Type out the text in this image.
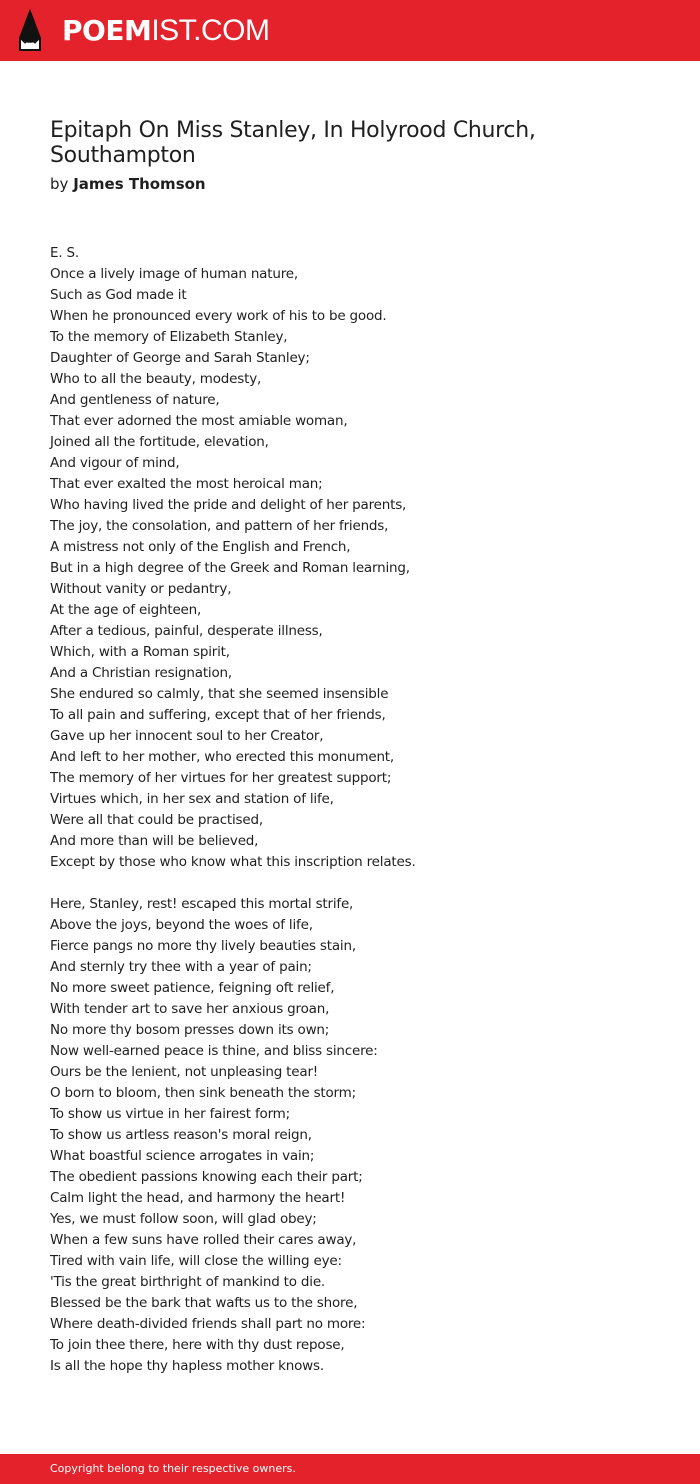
POEMIST.COM
Epitaph On Miss Stanley, In Holyrood Church, Southampton
by James Thomson
E. S.
Once a lively image of human nature,
Such as God made it
When he pronounced every work of his to be good.
To the memory of Elizabeth Stanley,
Daughter of George and Sarah Stanley;
Who to all the beauty, modesty,
And gentleness of nature,
That ever adorned the most amiable woman,
Joined all the fortitude, elevation,
And vigour of mind,
That ever exalted the most heroical man;
Who having lived the pride and delight of her parents,
The joy, the consolation, and pattern of her friends,
A mistress not only of the English and French,
But in a high degree of the Greek and Roman learning,
Without vanity or pedantry,
At the age of eighteen,
After a tedious, painful, desperate illness,
Which, with a Roman spirit,
And a Christian resignation,
She endured so calmly, that she seemed insensible
To all pain and suffering, except that of her friends,
Gave up her innocent soul to her Creator,
And left to her mother, who erected this monument,
The memory of her virtues for her greatest support;
Virtues which, in her sex and station of life,
Were all that could be practised,
And more than will be believed,
Except by those who know what this inscription relates.
Here, Stanley, rest! escaped this mortal strife,
Above the joys, beyond the woes of life,
Fierce pangs no more thy lively beauties stain,
And sternly try thee with a year of pain;
No more sweet patience, feigning oft relief,
With tender art to save her anxious groan,
No more thy bosom presses down its own;
Now well-earned peace is thine, and bliss sincere:
Ours be the lenient, not unpleasing tear!
O born to bloom, then sink beneath the storm;
To show us virtue in her fairest form;
To show us artless reason's moral reign,
What boastful science arrogates in vain;
The obedient passions knowing each their part;
Calm light the head, and harmony the heart!
Yes, we must follow soon, will glad obey;
When a few suns have rolled their cares away,
Tired with vain life, will close the willing eye:
'Tis the great birthright of mankind to die.
Blessed be the bark that wafts us to the shore,
Where death-divided friends shall part no more:
To join thee there, here with thy dust repose,
Is all the hope thy hapless mother knows.
Copyright belong to their respective owners.
